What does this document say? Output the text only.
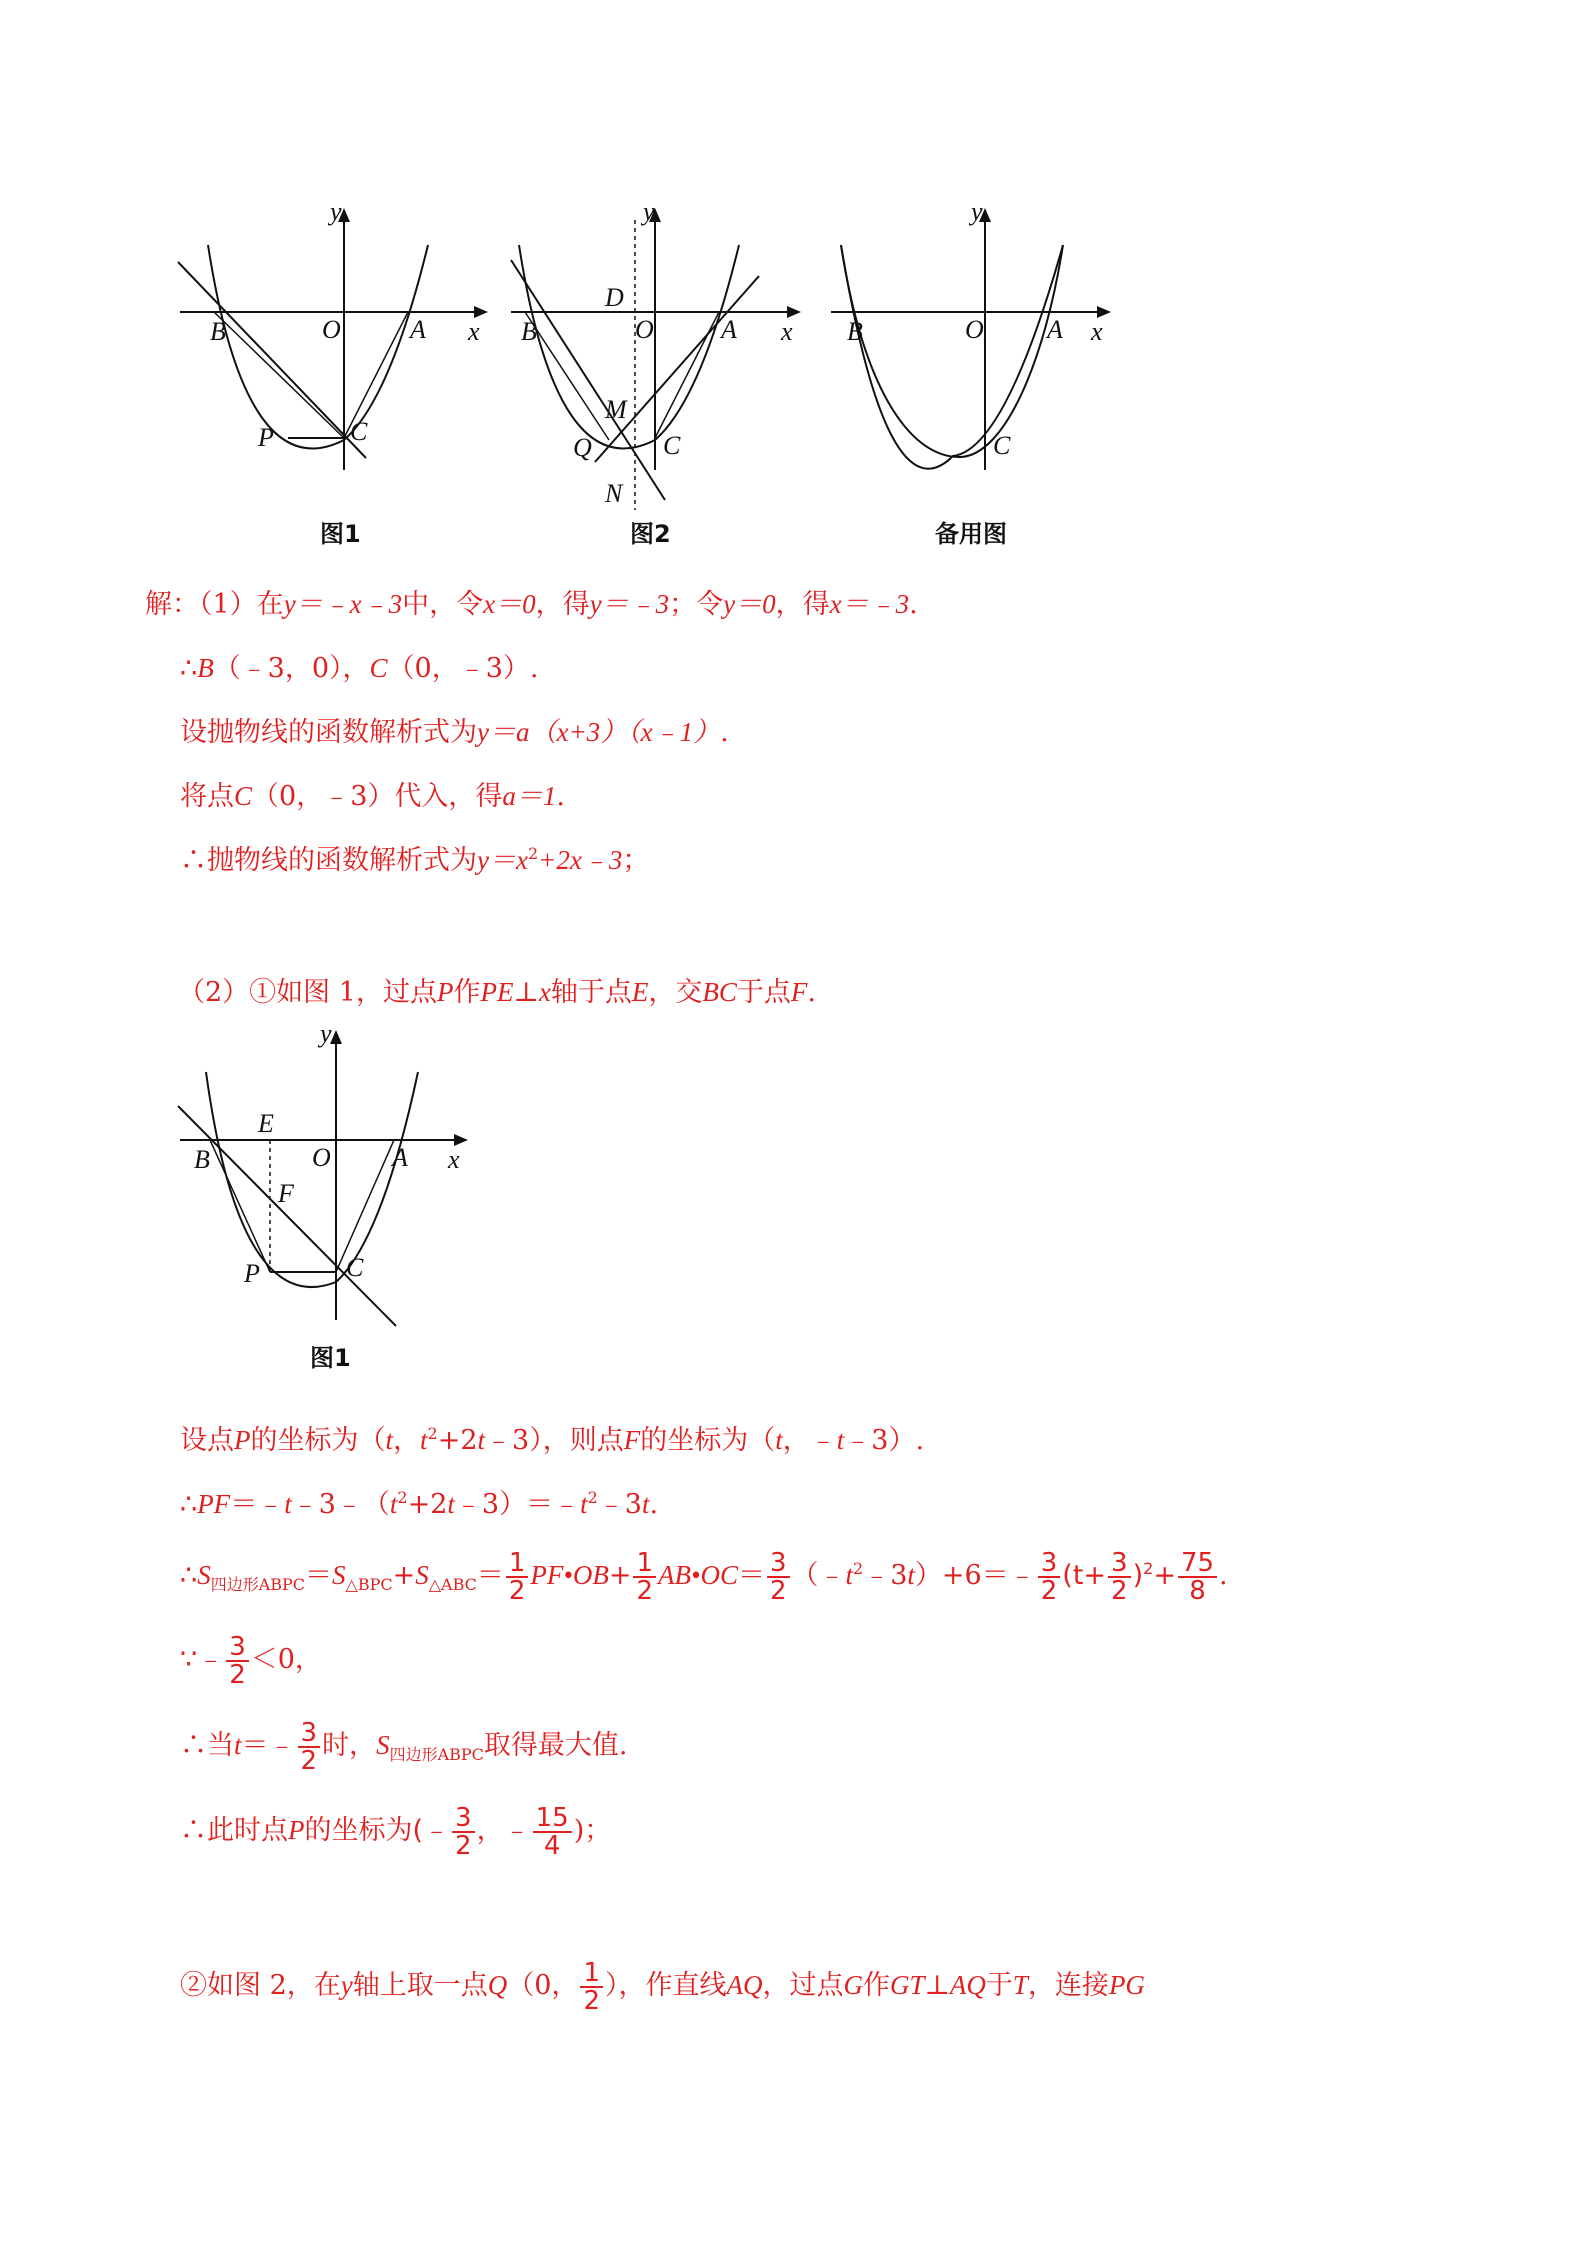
y
x
O	A
B
P	C
图1
y
x
O	A
B
D
M
Q	C
N
图2
y
x
O A
B
C
备用图
解：（1）在y＝﹣x﹣3中，令x＝0，得y＝﹣3；令y＝0，得x＝﹣3.
∴B（﹣3，0），C（0，﹣3）.
设抛物线的函数解析式为y＝a（x+3）（x﹣1）.
将点C（0，﹣3）代入，得a＝1.
∴抛物线的函数解析式为$y=x^2+2x﹣3$；
（2）①如图 1，过点P作PE⊥x轴于点E，交BC于点F.
y
x
O A
B
E
F
P	C
图1
设点P的坐标为（t，$t^2+2t﹣3$），则点F的坐标为（t，﹣t﹣3）.
$\therefore PF=﹣t﹣3﹣(t^2+2t﹣3)=﹣t^2﹣3t$.
$\therefore S_{四边形ABPC}=S_{\triangle BPC}+S_{\triangle ABC}= \frac{1}{2}$ PF•OB+ $\frac{1}{2}$ AB•OC＝ $\frac{3}{2}$ $(﹣t^2﹣3t)+6=﹣ \frac{3}{2} (t+ \frac{3}{2} )^2+ \frac{75}{8}$ .
∵﹣ $\frac{3}{2} <0$，
∴当t＝﹣ $\frac{3}{2}$ 时，$S_{四边形ABPC}$取得最大值.
∴此时点P的坐标为(﹣ $\frac{3}{2}$ ，﹣ $\frac{15}{4}$ )；
②如图 2，在y轴上取一点Q（0， $\frac{1}{2}$ ），作直线AQ，过点G作GT⊥AQ于T，连接PG
